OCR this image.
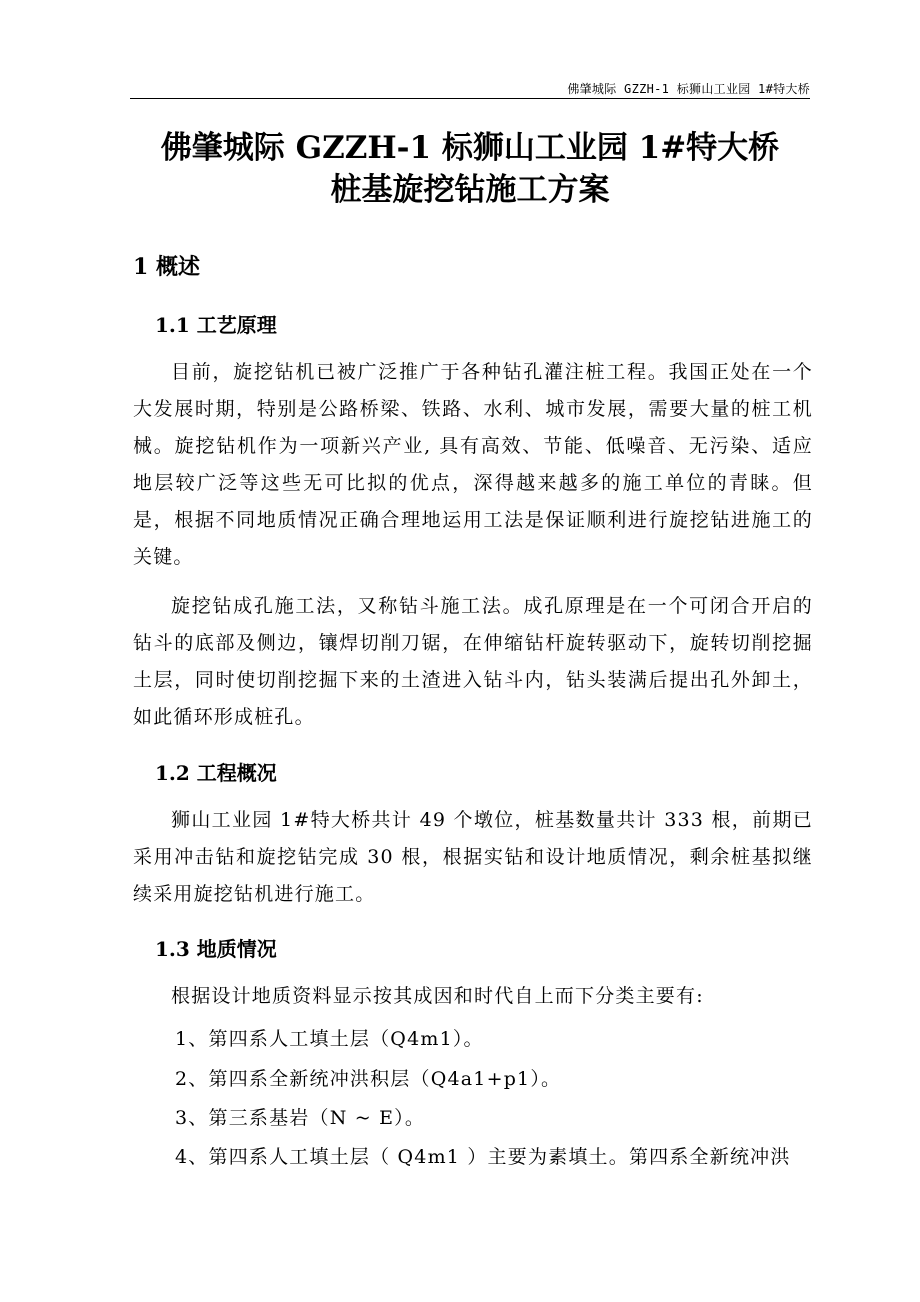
佛肇城际 GZZH-1 标狮山工业园 1#特大桥
佛肇城际 GZZH-1 标狮山工业园 1#特大桥
桩基旋挖钻施工方案
1 概述
1.1 工艺原理
目前，旋挖钻机已被广泛推广于各种钻孔灌注桩工程。我国正处在一个大发展时期，特别是公路桥梁、铁路、水利、城市发展，需要大量的桩工机械。旋挖钻机作为一项新兴产业, 具有高效、节能、低噪音、无污染、适应地层较广泛等这些无可比拟的优点，深得越来越多的施工单位的青睐。但是，根据不同地质情况正确合理地运用工法是保证顺利进行旋挖钻进施工的关键。
旋挖钻成孔施工法，又称钻斗施工法。成孔原理是在一个可闭合开启的钻斗的底部及侧边，镶焊切削刀锯，在伸缩钻杆旋转驱动下，旋转切削挖掘土层，同时使切削挖掘下来的土渣进入钻斗内，钻头装满后提出孔外卸土，如此循环形成桩孔。
1.2 工程概况
狮山工业园 1#特大桥共计 49 个墩位，桩基数量共计 333 根，前期已采用冲击钻和旋挖钻完成 30 根，根据实钻和设计地质情况，剩余桩基拟继续采用旋挖钻机进行施工。
1.3 地质情况
根据设计地质资料显示按其成因和时代自上而下分类主要有:
1、第四系人工填土层（Q4m1）。
2、第四系全新统冲洪积层（Q4a1+p1）。
3、第三系基岩（N ~ E）。
4、第四系人工填土层（ Q4m1 ）主要为素填土。第四系全新统冲洪
